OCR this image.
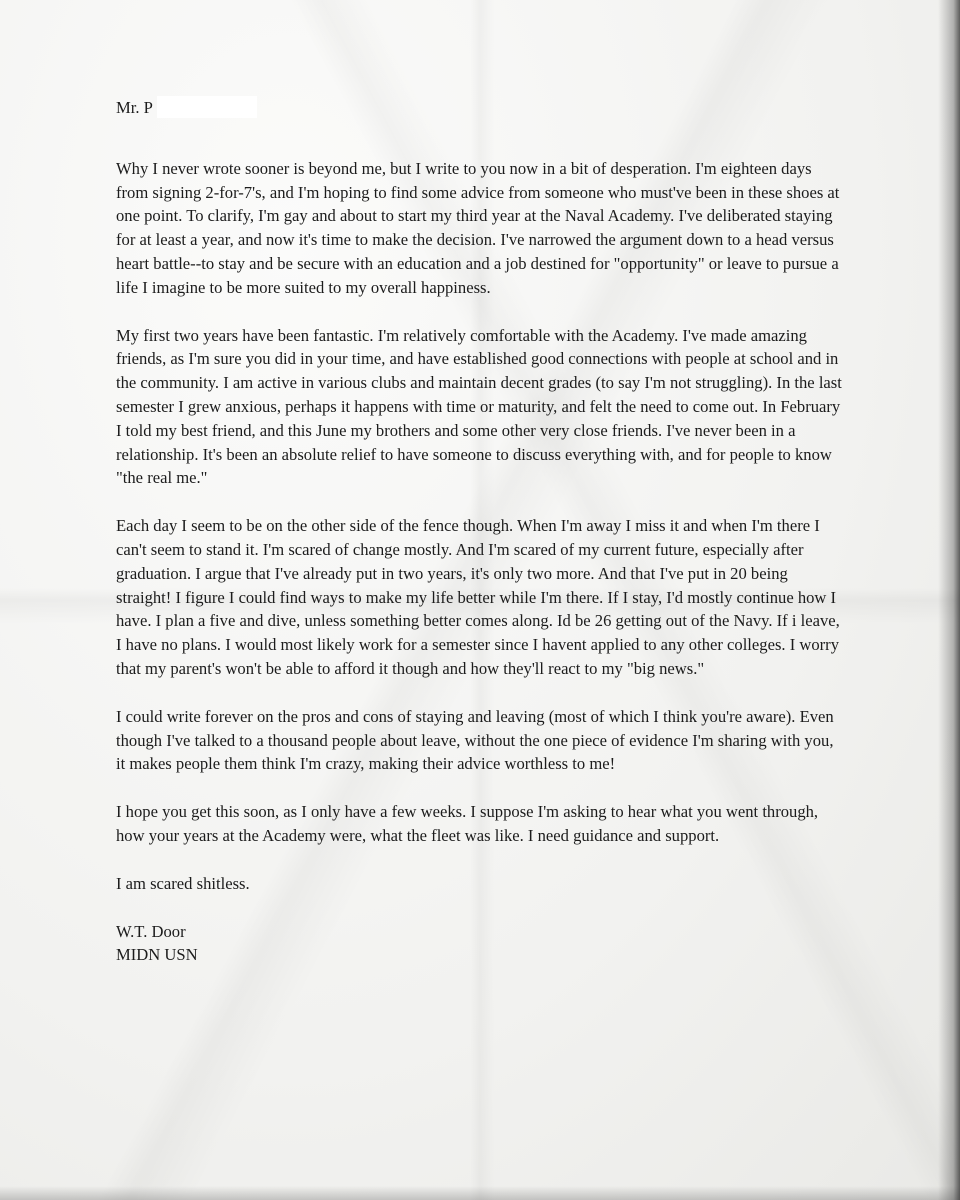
Mr. P

Why I never wrote sooner is beyond me, but I write to you now in a bit of desperation. I'm eighteen days from signing 2-for-7's, and I'm hoping to find some advice from someone who must've been in these shoes at one point. To clarify, I'm gay and about to start my third year at the Naval Academy. I've deliberated staying for at least a year, and now it's time to make the decision. I've narrowed the argument down to a head versus heart battle--to stay and be secure with an education and a job destined for "opportunity" or leave to pursue a life I imagine to be more suited to my overall happiness.

My first two years have been fantastic. I'm relatively comfortable with the Academy. I've made amazing friends, as I'm sure you did in your time, and have established good connections with people at school and in the community. I am active in various clubs and maintain decent grades (to say I'm not struggling). In the last semester I grew anxious, perhaps it happens with time or maturity, and felt the need to come out. In February I told my best friend, and this June my brothers and some other very close friends. I've never been in a relationship. It's been an absolute relief to have someone to discuss everything with, and for people to know "the real me."

Each day I seem to be on the other side of the fence though. When I'm away I miss it and when I'm there I can't seem to stand it. I'm scared of change mostly. And I'm scared of my current future, especially after graduation. I argue that I've already put in two years, it's only two more. And that I've put in 20 being straight! I figure I could find ways to make my life better while I'm there. If I stay, I'd mostly continue how I have. I plan a five and dive, unless something better comes along. Id be 26 getting out of the Navy. If i leave, I have no plans. I would most likely work for a semester since I havent applied to any other colleges. I worry that my parent's won't be able to afford it though and how they'll react to my "big news."

I could write forever on the pros and cons of staying and leaving (most of which I think you're aware). Even though I've talked to a thousand people about leave, without the one piece of evidence I'm sharing with you, it makes people them think I'm crazy, making their advice worthless to me!

I hope you get this soon, as I only have a few weeks. I suppose I'm asking to hear what you went through, how your years at the Academy were, what the fleet was like. I need guidance and support.

I am scared shitless.

W.T. Door
MIDN USN
